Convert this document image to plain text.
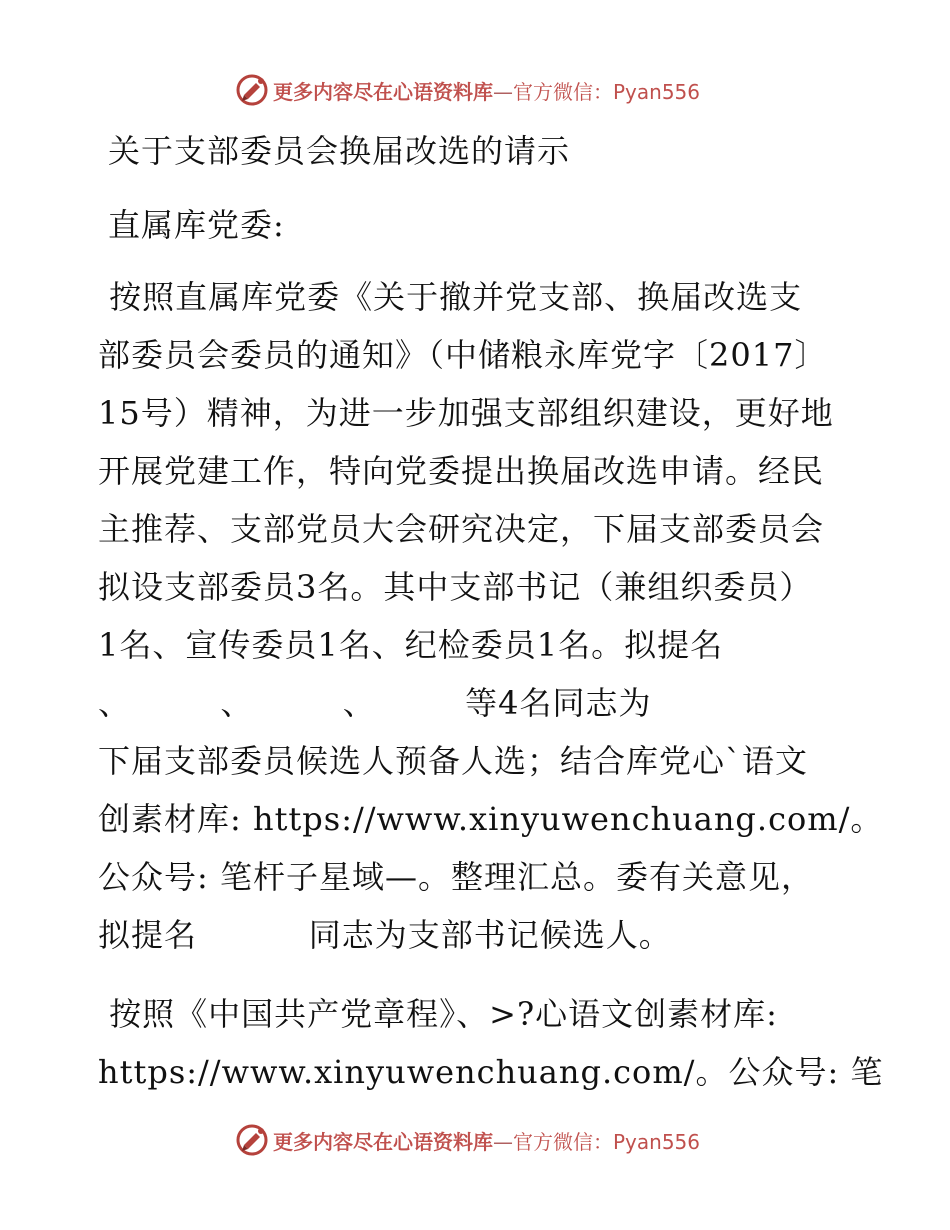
更多内容尽在心语资料库—官方微信：Pyan556
关于支部委员会换届改选的请示
直属库党委:
按照直属库党委《关于撤并党支部、换届改选支
部委员会委员的通知》（中储粮永库党字〔2017〕
15号）精神，为进一步加强支部组织建设，更好地
开展党建工作，特向党委提出换届改选申请。经民
主推荐、支部党员大会研究决定，下届支部委员会
拟设支部委员3名。其中支部书记（兼组织委员）
1名、宣传委员1名、纪检委员1名。拟提名
、        、        、        等4名同志为
下届支部委员候选人预备人选；结合库党心`语文
创素材库: https://www.xinyuwenchuang.com/。
公众号: 笔杆子星域—。整理汇总。委有关意见，
拟提名          同志为支部书记候选人。
按照《中国共产党章程》、>?心语文创素材库:
https://www.xinyuwenchuang.com/。公众号: 笔
更多内容尽在心语资料库—官方微信：Pyan556
